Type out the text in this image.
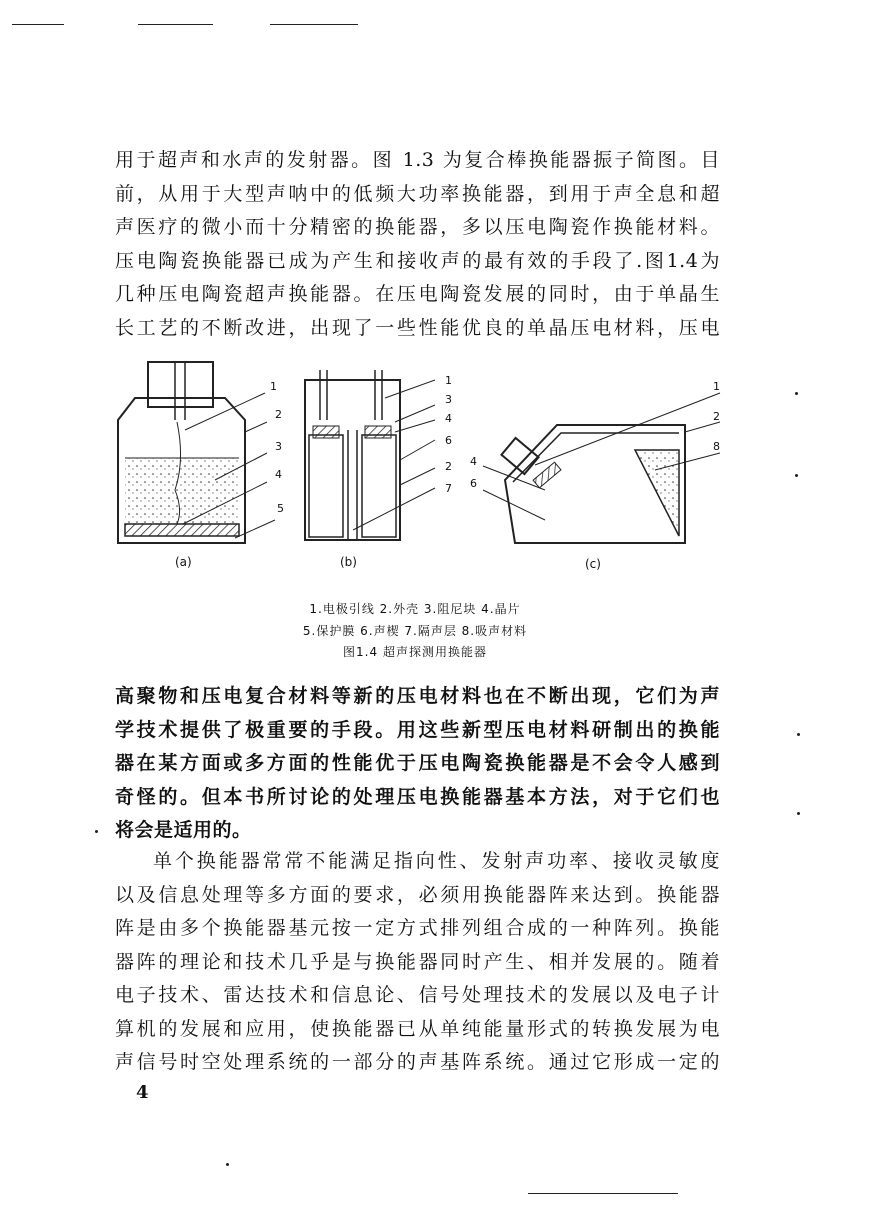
用于超声和水声的发射器。图 1.3 为复合棒换能器振子简图。目
前，从用于大型声呐中的低频大功率换能器，到用于声全息和超
声医疗的微小而十分精密的换能器，多以压电陶瓷作换能材料。
压电陶瓷换能器已成为产生和接收声的最有效的手段了.图1.4为
几种压电陶瓷超声换能器。在压电陶瓷发展的同时，由于单晶生
长工艺的不断改进，出现了一些性能优良的单晶压电材料，压电
1
2
3
4
5
1
3
4
6
2
7
1
2
8
4
6
(a)	(b)	(c)
1.电极引线 2.外壳 3.阻尼块 4.晶片
5.保护膜 6.声楔 7.隔声层 8.吸声材料
图1.4 超声探测用换能器
高聚物和压电复合材料等新的压电材料也在不断出现，它们为声
学技术提供了极重要的手段。用这些新型压电材料研制出的换能
器在某方面或多方面的性能优于压电陶瓷换能器是不会令人感到
奇怪的。但本书所讨论的处理压电换能器基本方法，对于它们也
将会是适用的。
单个换能器常常不能满足指向性、发射声功率、接收灵敏度
以及信息处理等多方面的要求，必须用换能器阵来达到。换能器
阵是由多个换能器基元按一定方式排列组合成的一种阵列。换能
器阵的理论和技术几乎是与换能器同时产生、相并发展的。随着
电子技术、雷达技术和信息论、信号处理技术的发展以及电子计
算机的发展和应用，使换能器已从单纯能量形式的转换发展为电
声信号时空处理系统的一部分的声基阵系统。通过它形成一定的
4
